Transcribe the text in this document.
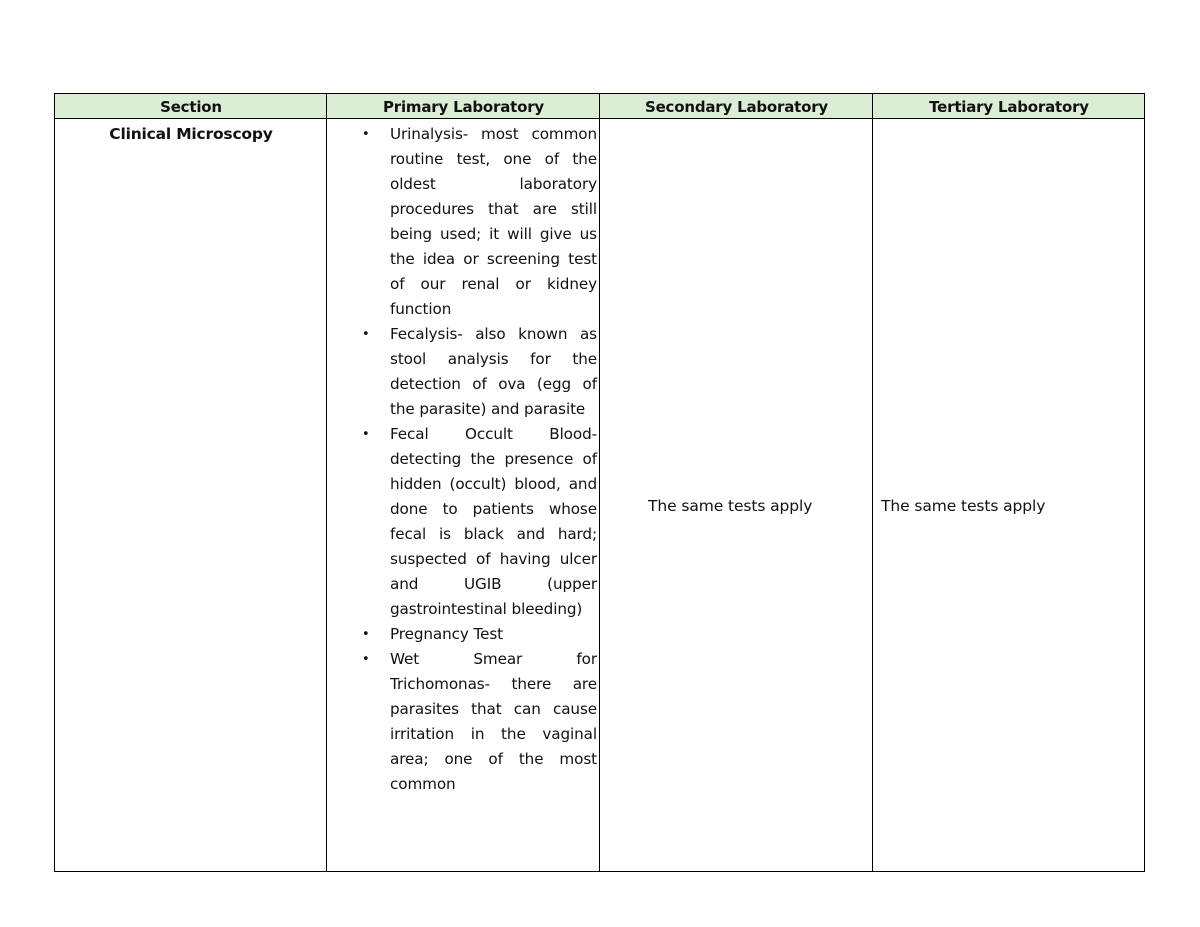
Section	Primary Laboratory	Secondary Laboratory	Tertiary Laboratory
Clinical Microscopy
•	Urinalysis- most common routine test, one of the oldest laboratory procedures that are still being used; it will give us the idea or screening test of our renal or kidney function
• Fecalysis- also known as stool analysis for the detection of ova (egg of the parasite) and parasite
• Fecal Occult Blood- detecting the presence of hidden (occult) blood, and done to patients whose fecal is black and hard; suspected of having ulcer and UGIB (upper gastrointestinal bleeding)
• Pregnancy Test
• Wet Smear for Trichomonas- there are parasites that can cause irritation in the vaginal area; one of the most common
The same tests apply	The same tests apply
